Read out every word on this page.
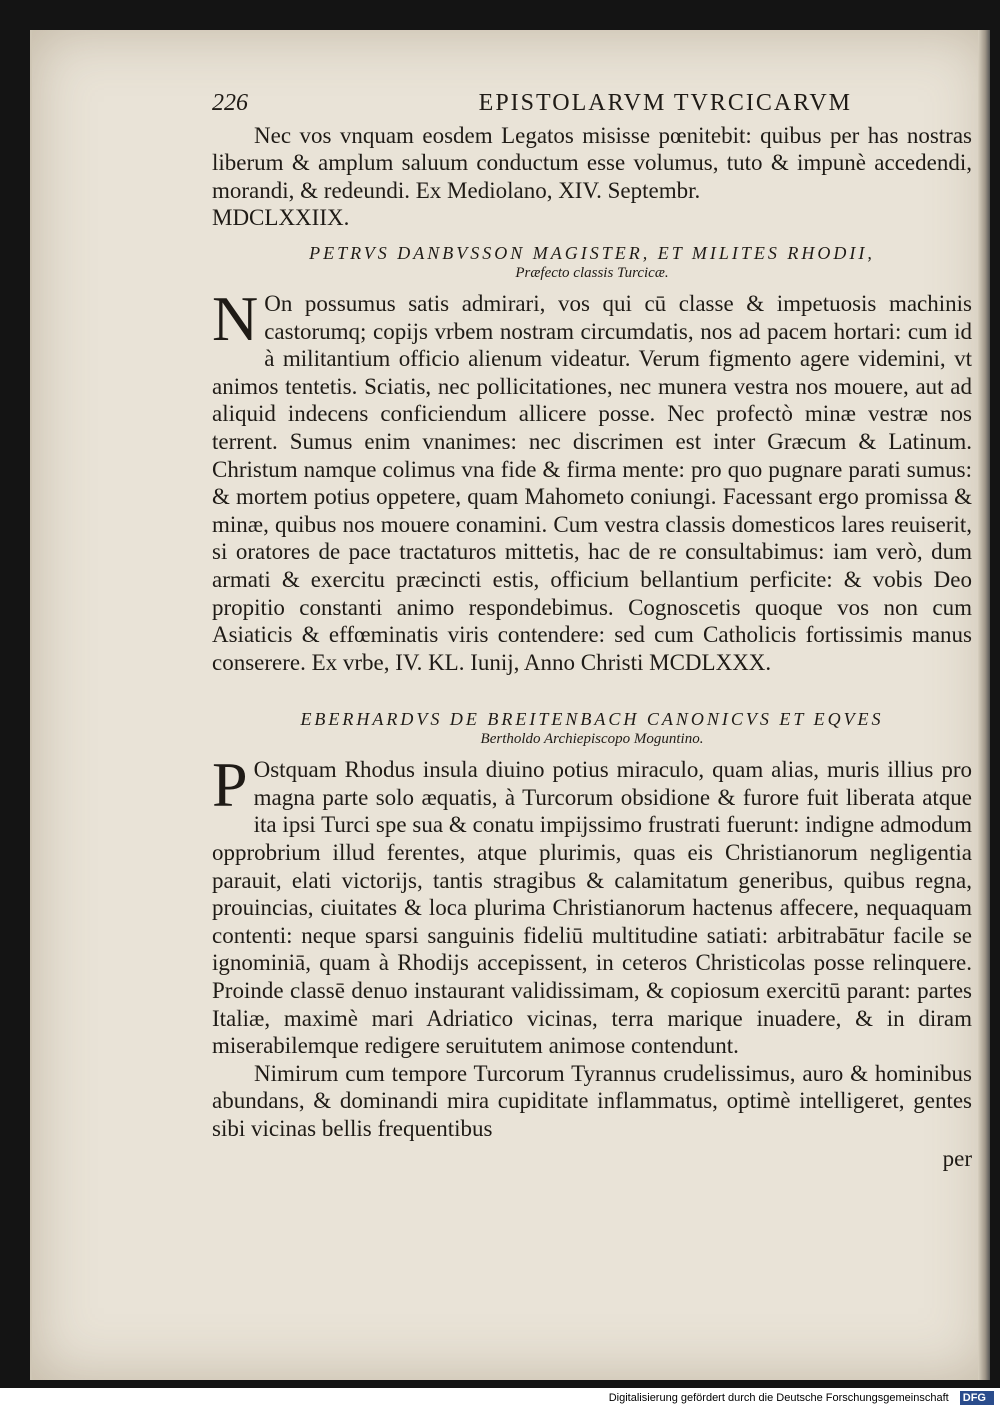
226	EPISTOLARVM TVRCICARVM

Nec vos vnquam eosdem Legatos misisse pœnitebit: quibus per has nostras liberum & amplum saluum conductum esse volumus, tuto & impunè accedendi, morandi, & redeundi. Ex Mediolano, XIV. Septembr.

MDCLXXIIX.

PETRVS DANBVSSON MAGISTER, ET MILITES RHODII,
Præfecto classis Turcicæ.

N On possumus satis admirari, vos qui cū classe & impetuosis machinis castorumq; copijs vrbem nostram circumdatis, nos ad pacem hortari: cum id à militantium officio alienum videatur. Verum figmento agere videmini, vt animos tentetis. Sciatis, nec pollicitationes, nec munera vestra nos mouere, aut ad aliquid indecens conficiendum allicere posse. Nec profectò minæ vestræ nos terrent. Sumus enim vnanimes: nec discrimen est inter Græcum & Latinum. Christum namque colimus vna fide & firma mente: pro quo pugnare parati sumus: & mortem potius oppetere, quam Mahometo coniungi. Facessant ergo promissa & minæ, quibus nos mouere conamini. Cum vestra classis domesticos lares reuiserit, si oratores de pace tractaturos mittetis, hac de re consultabimus: iam verò, dum armati & exercitu præcincti estis, officium bellantium perficite: & vobis Deo propitio constanti animo respondebimus. Cognoscetis quoque vos non cum Asiaticis & effœminatis viris contendere: sed cum Catholicis fortissimis manus conserere. Ex vrbe, IV. KL. Iunij, Anno Christi MCDLXXX.

EBERHARDVS DE BREITENBACH CANONICVS ET EQVES
Bertholdo Archiepiscopo Moguntino.

P Ostquam Rhodus insula diuino potius miraculo, quam alias, muris illius pro magna parte solo æquatis, à Turcorum obsidione & furore fuit liberata atque ita ipsi Turci spe sua & conatu impijssimo frustrati fuerunt: indigne admodum opprobrium illud ferentes, atque plurimis, quas eis Christianorum negligentia parauit, elati victorijs, tantis stragibus & calamitatum generibus, quibus regna, prouincias, ciuitates & loca plurima Christianorum hactenus affecere, nequaquam contenti: neque sparsi sanguinis fideliū multitudine satiati: arbitrabātur facile se ignominiā, quam à Rhodijs accepissent, in ceteros Christicolas posse relinquere. Proinde classē denuo instaurant validissimam, & copiosum exercitū parant: partes Italiæ, maximè mari Adriatico vicinas, terra marique inuadere, & in diram miserabilemque redigere seruitutem animose contendunt.

Nimirum cum tempore Turcorum Tyrannus crudelissimus, auro & hominibus abundans, & dominandi mira cupiditate inflammatus, optimè intelligeret, gentes sibi vicinas bellis frequentibus

per
Digitalisierung gefördert durch die Deutsche Forschungsgemeinschaft DFG
